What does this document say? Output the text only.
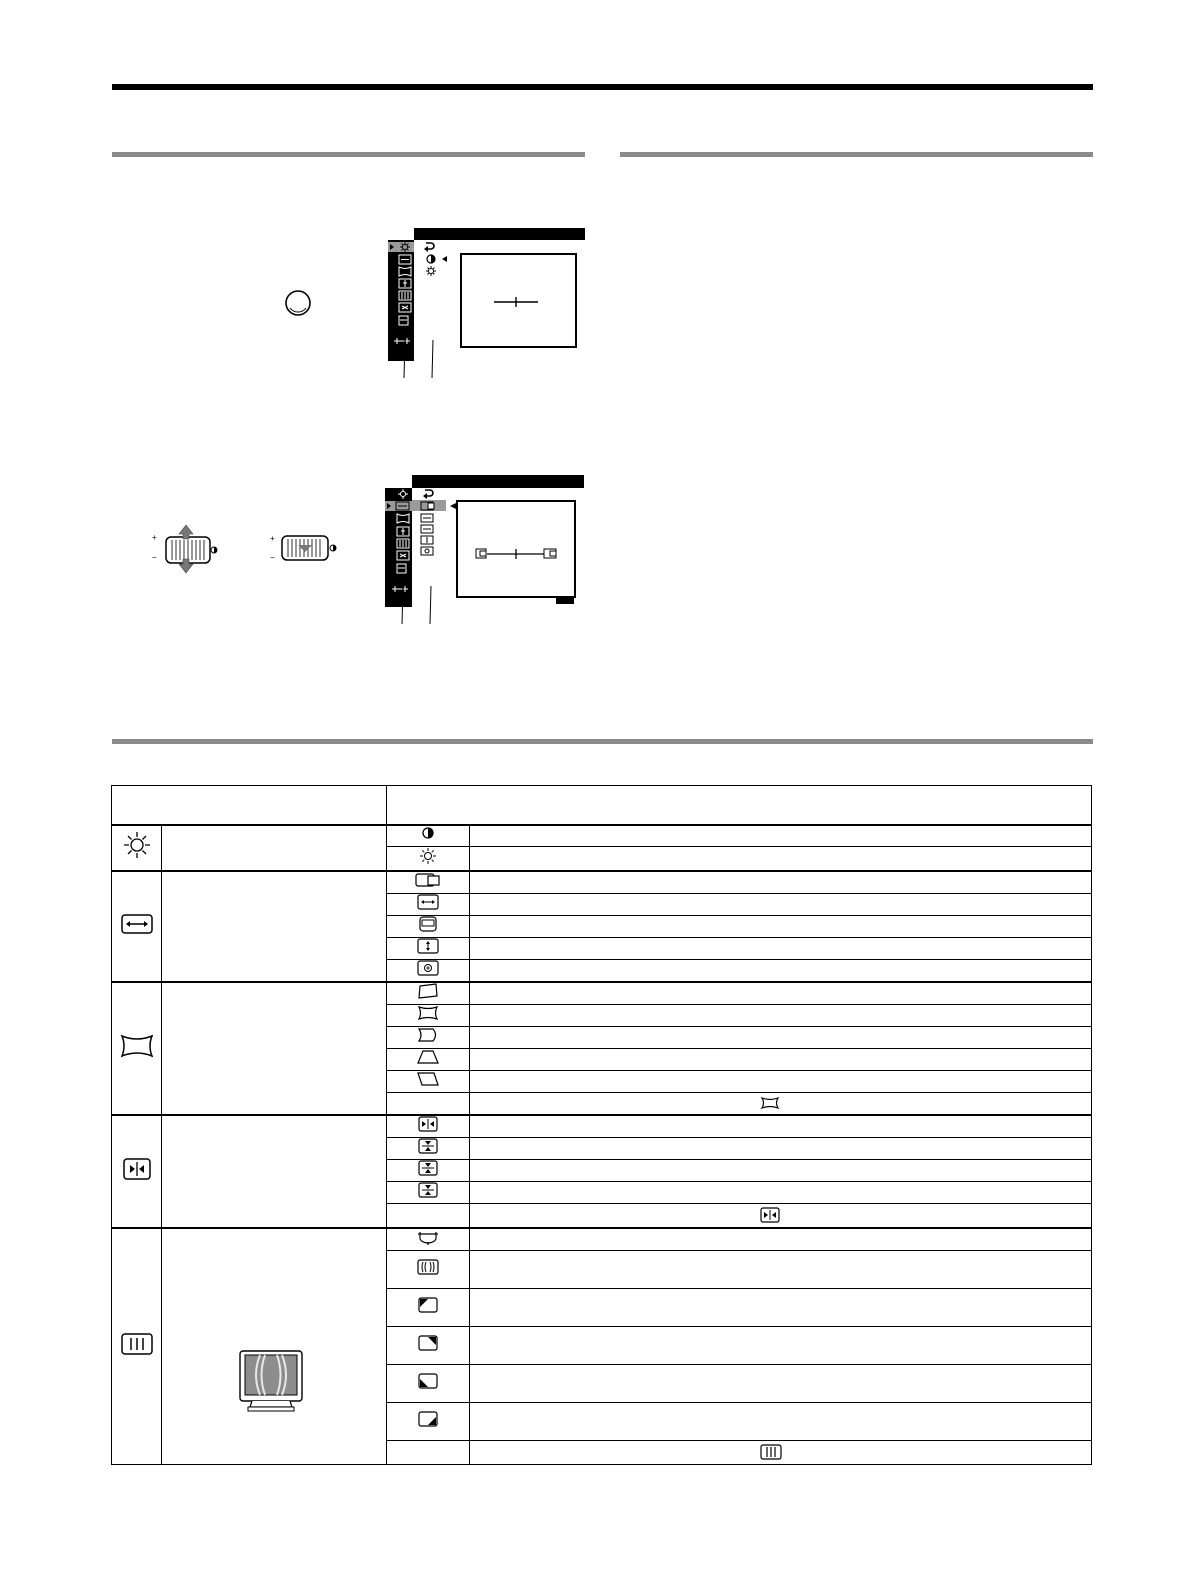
+
−
+
−
